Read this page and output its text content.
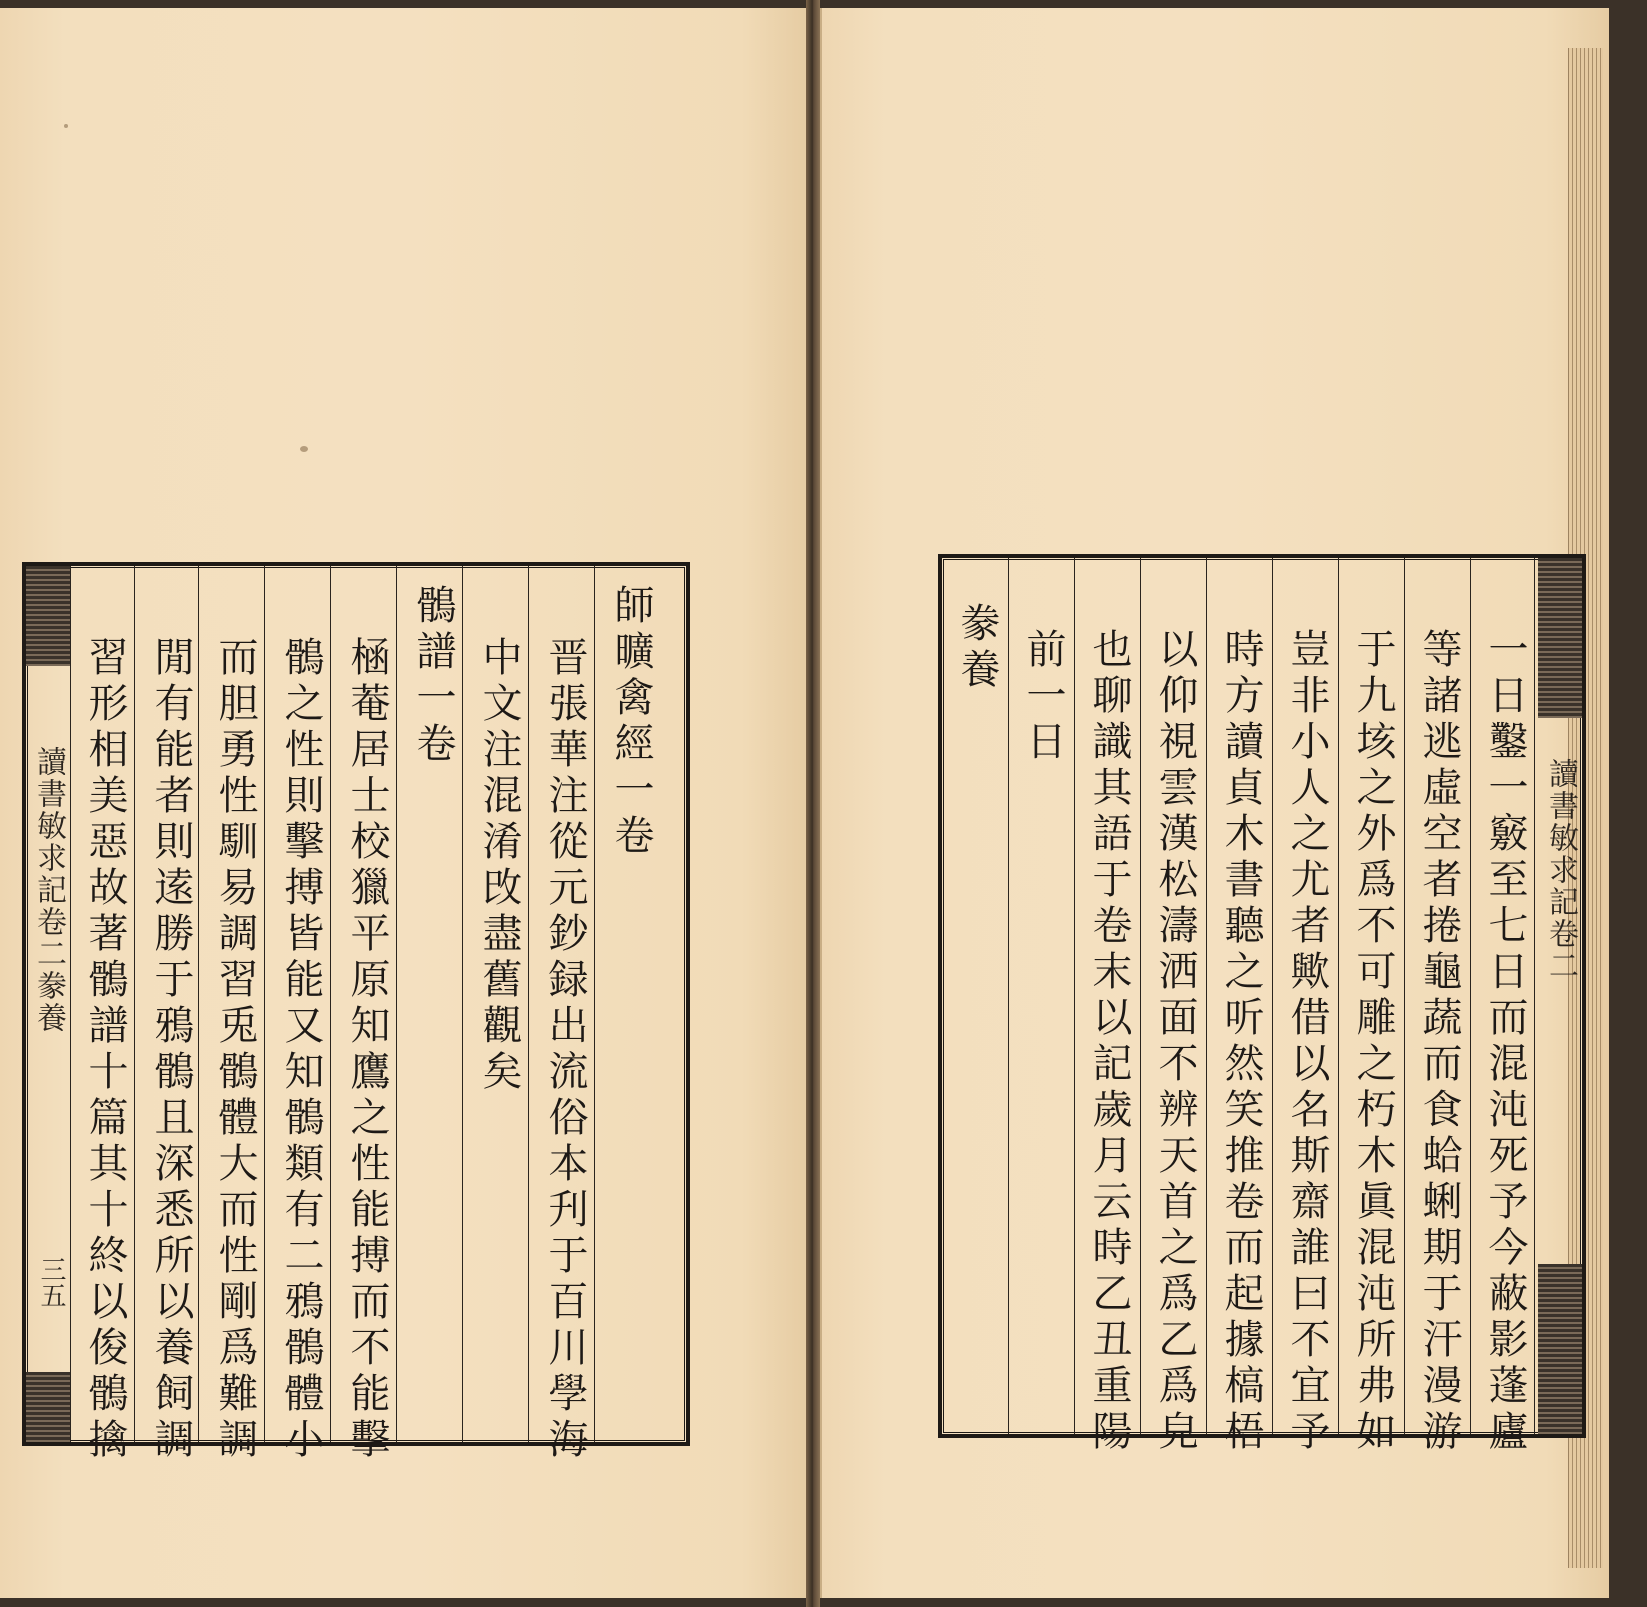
讀書敏求記卷二豢養
三五
師曠禽經一卷
晋張華注從元鈔録出流俗本刋于百川學海
中文注混淆攺盡舊觀矣
鶻譜一卷
㮀菴居士校獵平原知鷹之性能搏而不能擊
鶻之性則擊搏皆能又知鶻類有二鴉鶻體小
而胆勇性馴易調習兎鶻體大而性剛爲難調
閒有能者則逺勝于鴉鶻且深悉所以養飼調
習形相美惡故著鶻譜十篇其十終以俊鶻擒	一日鑿一竅至七日而混沌死予今蔽影蓬廬
等諸逃虛空者捲龜蔬而食蛤蜊期于汗漫游
于九垓之外爲不可雕之朽木眞混沌所弗如
豈非小人之尤者歟借以名斯齋誰曰不宜予
時方讀貞木書聽之听然笑推卷而起據槁梧
以仰視雲漢松濤洒面不辨天首之爲乙爲皃
也聊識其語于卷末以記歲月云時乙丑重陽
前一日
豢養
讀書敏求記卷二
